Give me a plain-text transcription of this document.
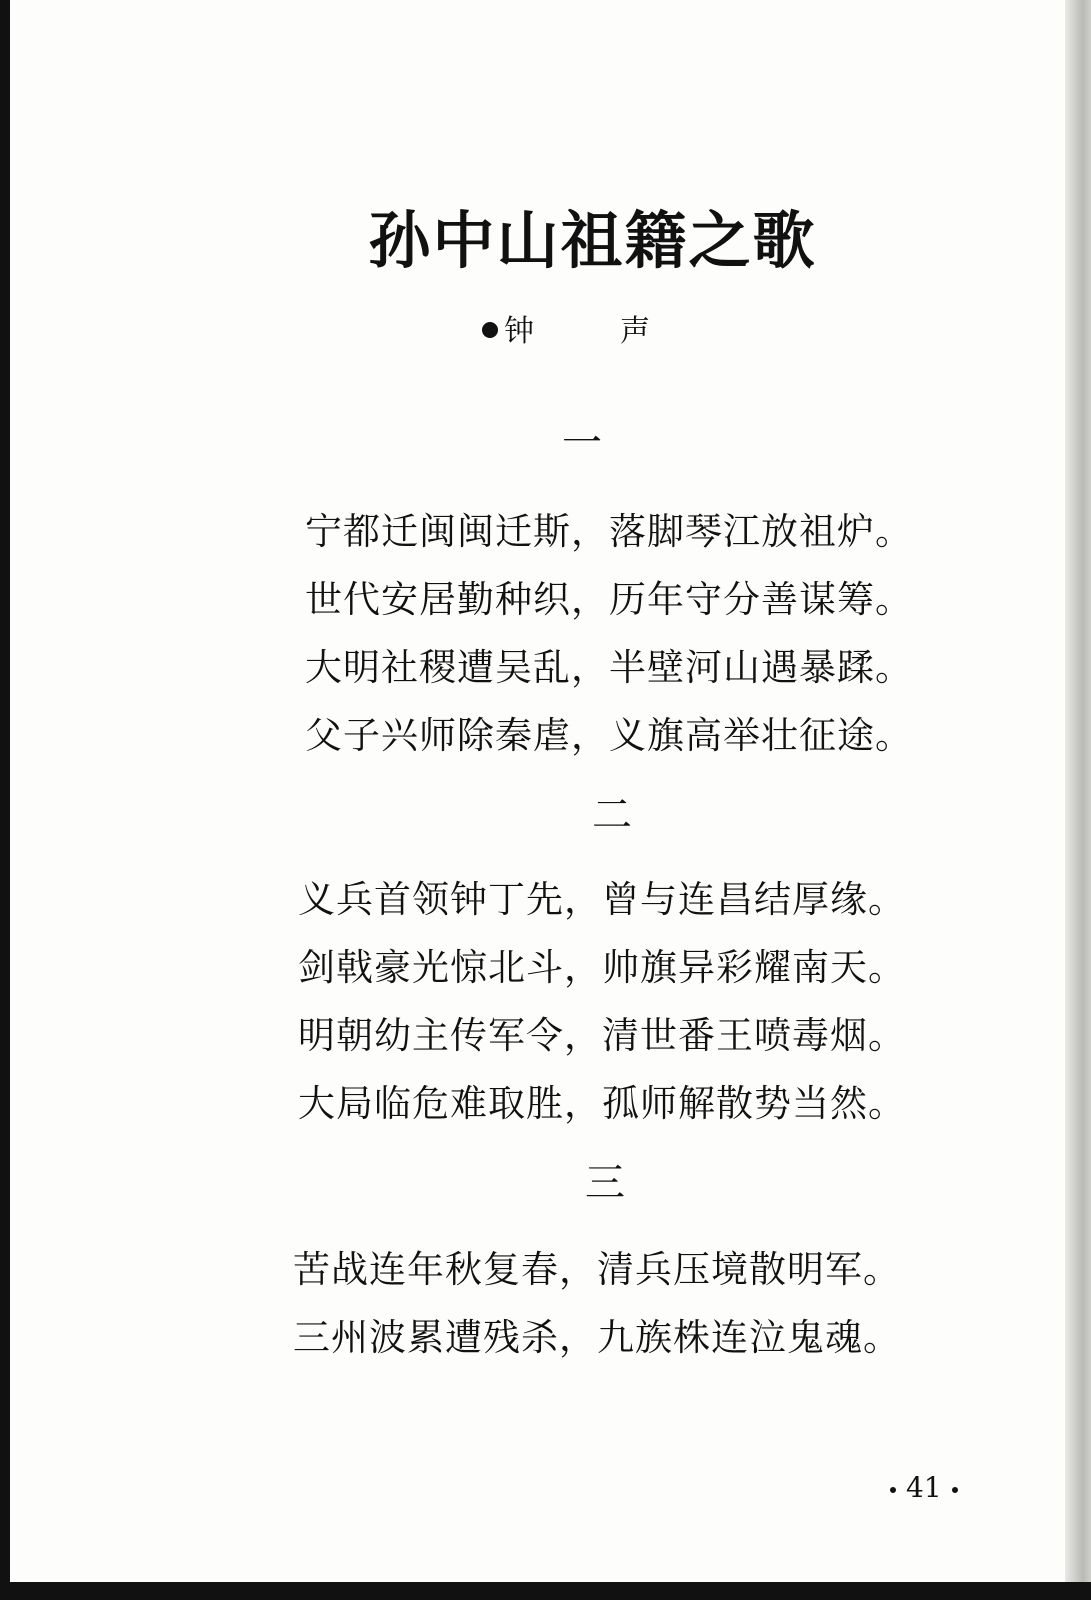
孙中山祖籍之歌
钟　声
一
宁都迁闽闽迁斯，落脚琴江放祖炉。
世代安居勤种织，历年守分善谋筹。
大明社稷遭吴乱，半壁河山遇暴蹂。
父子兴师除秦虐，义旗高举壮征途。
二
义兵首领钟丁先，曾与连昌结厚缘。
剑戟豪光惊北斗，帅旗异彩耀南天。
明朝幼主传军令，清世番王喷毒烟。
大局临危难取胜，孤师解散势当然。
三
苦战连年秋复春，清兵压境散明军。
三州波累遭残杀，九族株连泣鬼魂。
41
